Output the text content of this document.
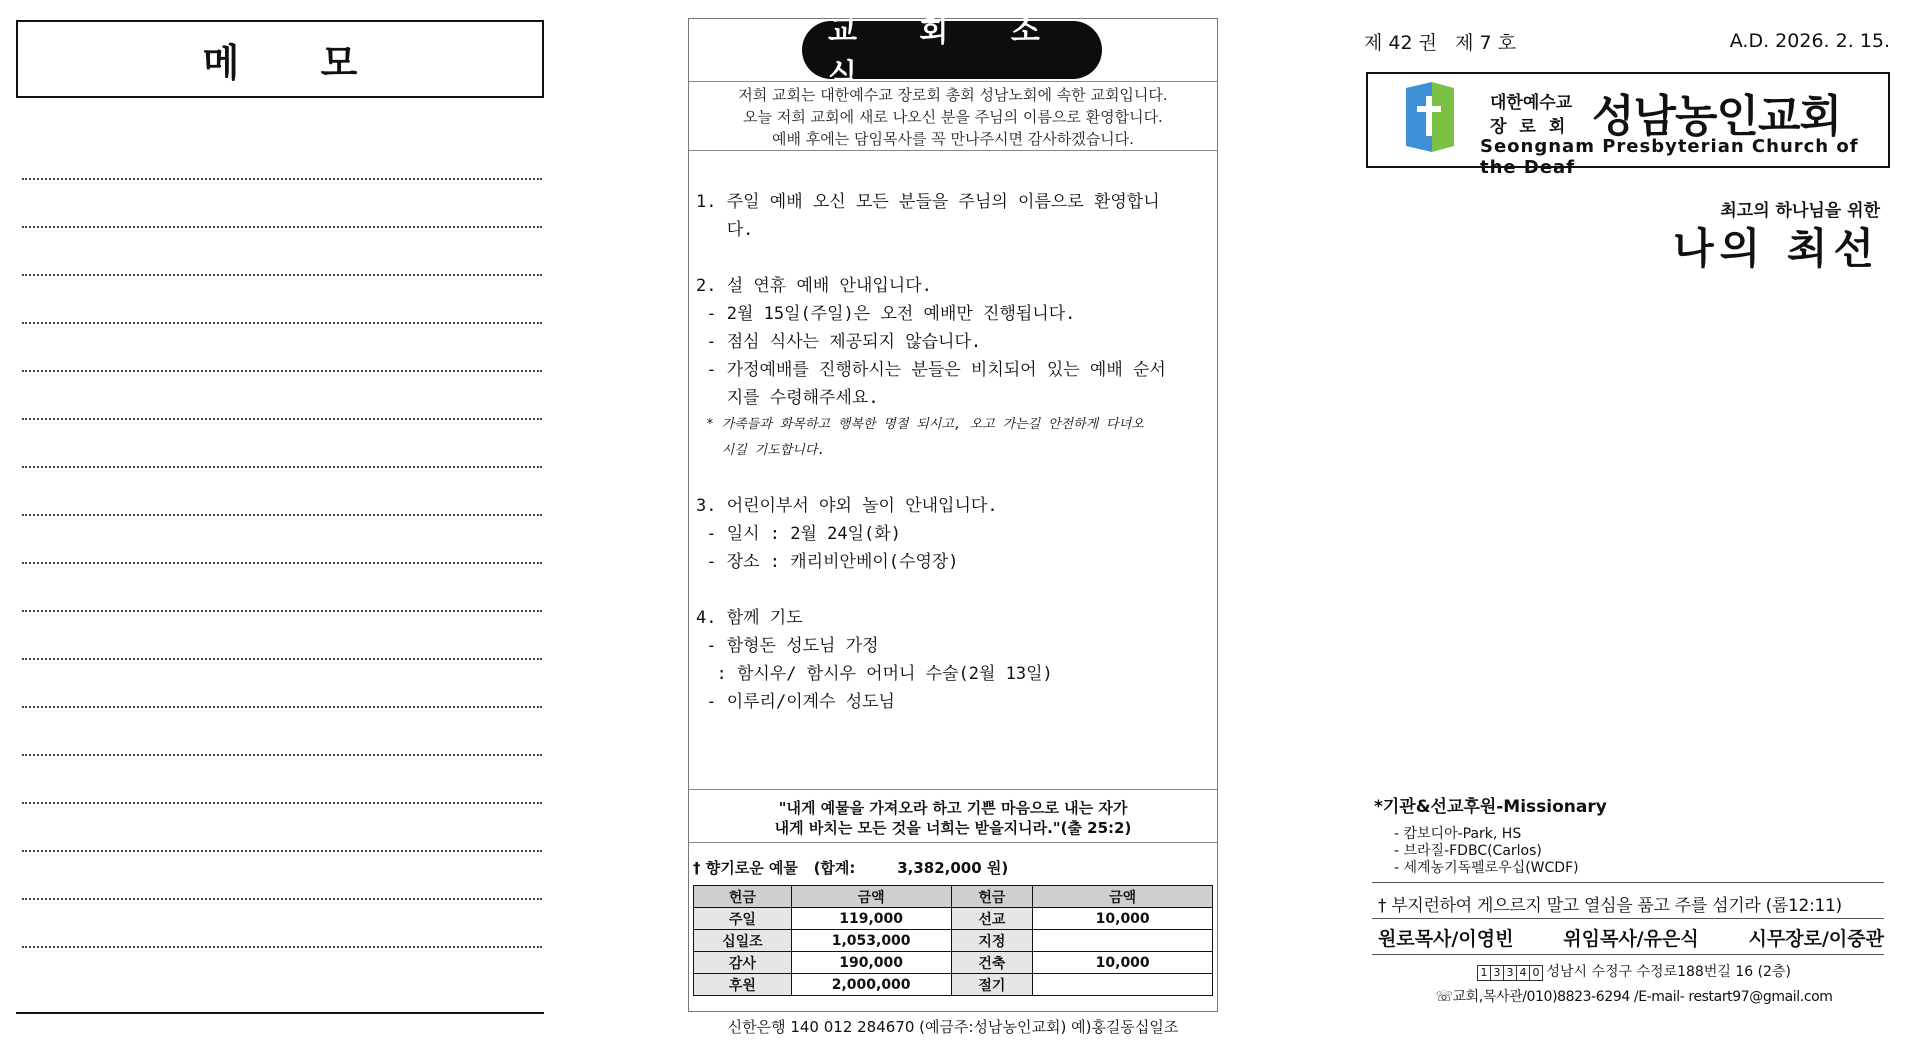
메 모
교 회 소 식
저희 교회는 대한예수교 장로회 총회 성남노회에 속한 교회입니다.
오늘 저희 교회에 새로 나오신 분을 주님의 이름으로 환영합니다.
예배 후에는 담임목사를 꼭 만나주시면 감사하겠습니다.
"내게 예물을 가져오라 하고 기쁜 마음으로 내는 자가
내게 바치는 모든 것을 너희는 받을지니라."(출 25:2)
† 향기로운 예물 (합계:	3,382,000 원)
헌금	금액	헌금	금액
주일	119,000	선교	10,000
십일조	1,053,000	지정	
감사	190,000	건축	10,000
후원	2,000,000	절기	
1. 주일 예배 오신 모든 분들을 주님의 이름으로 환영합니
다.
2. 설 연휴 예배 안내입니다.
- 2월 15일(주일)은 오전 예배만 진행됩니다.
- 점심 식사는 제공되지 않습니다.
- 가정예배를 진행하시는 분들은 비치되어 있는 예배 순서
지를 수령해주세요.
* 가족들과 화목하고 행복한 명절 되시고, 오고 가는길 안전하게 다녀오
시길 기도합니다.
3. 어린이부서 야외 놀이 안내입니다.
- 일시 : 2월 24일(화)
- 장소 : 캐리비안베이(수영장)
4. 함께 기도
- 함형돈 성도님 가정
: 함시우/ 함시우 어머니 수술(2월 13일)
- 이루리/이계수 성도님
신한은행 140 012 284670 (예금주:성남농인교회) 예)홍길동십일조
제 42 권   제 7 호	A.D. 2026. 2. 15.
대한예수교
장로회 성남농인교회
Seongnam Presbyterian Church of the Deaf
최고의 하나님을 위한
나의 최선
*기관&선교후원-Missionary
- 캄보디아-Park, HS
- 브라질-FDBC(Carlos)
- 세계농기독펠로우십(WCDF)
† 부지런하여 게으르지 말고 열심을 품고 주를 섬기라 (롬12:11)
원로목사/이영빈   위임목사/유은식   시무장로/이중관
1 3 3 4 0 성남시 수정구 수정로188번길 16 (2층)
☏교회,목사관/010)8823-6294 /E-mail- restart97@gmail.com
